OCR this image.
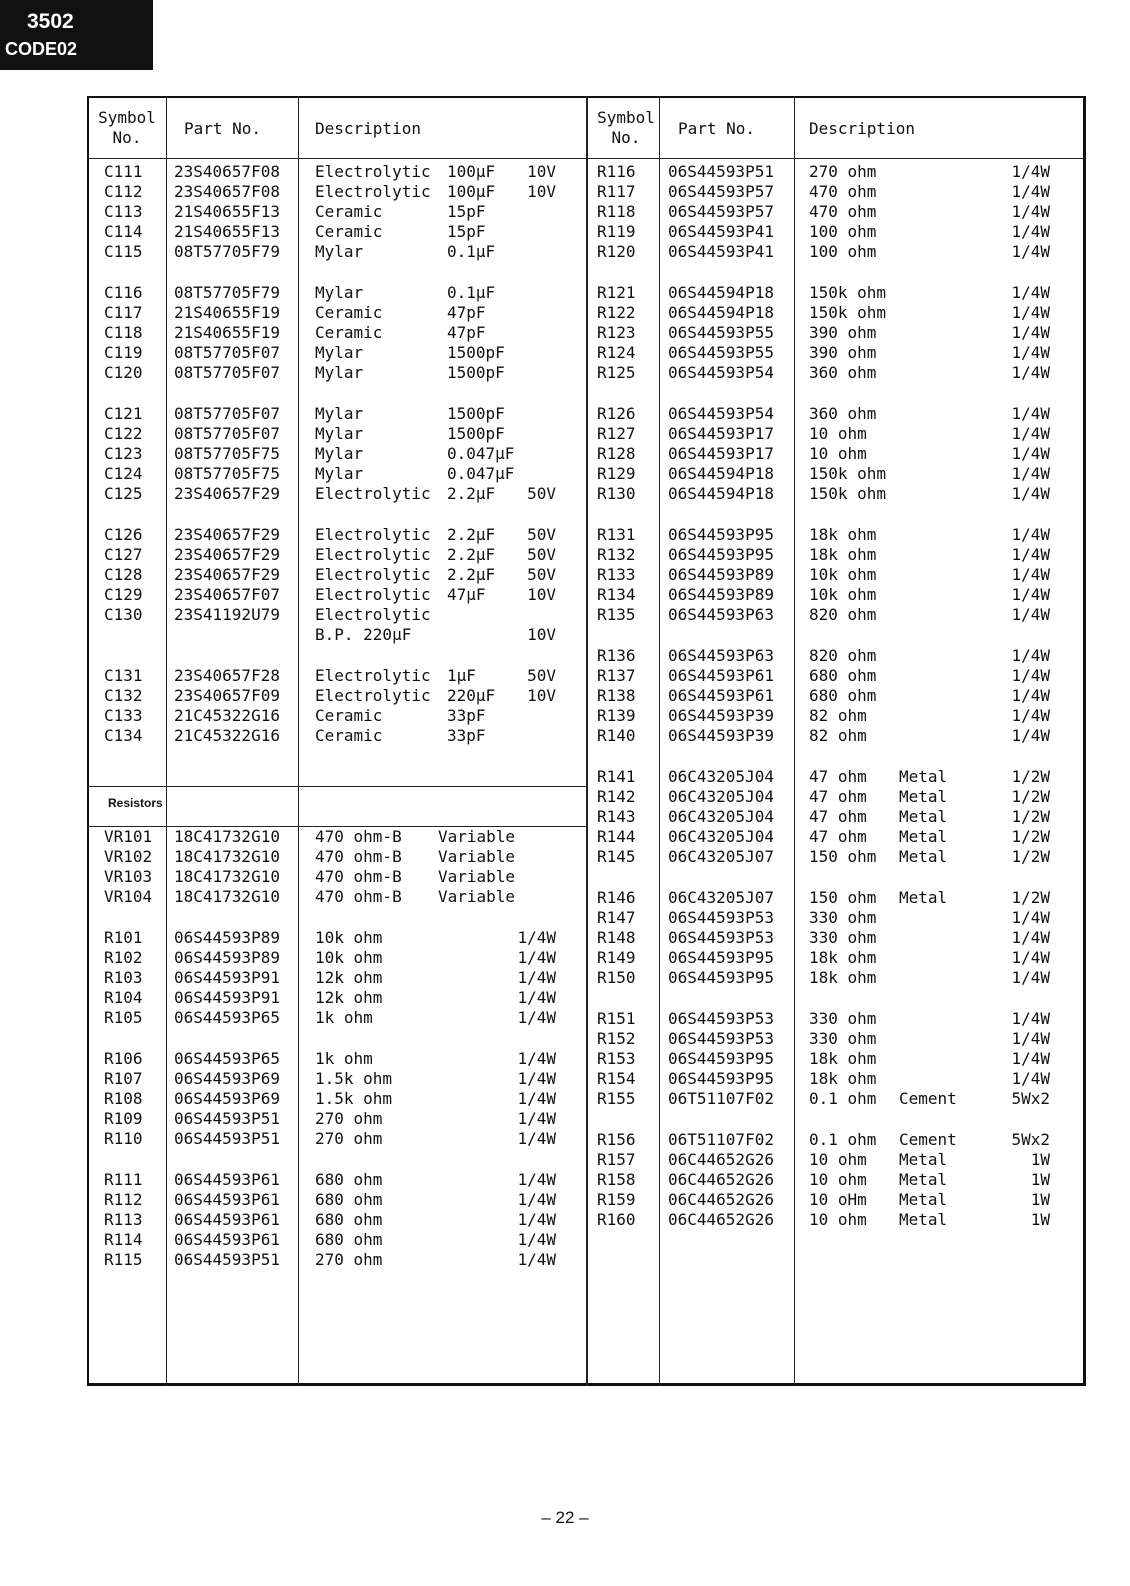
3502
CODE02
Symbol
No.	Part No.	Description
Symbol
No.	Part No.	Description
Resistors
C111 23S40657F08 Electrolytic 100µF	10V
C112 23S40657F08 Electrolytic 100µF	10V
C113 21S40655F13 Ceramic	15pF
C114 21S40655F13 Ceramic	15pF
C115 08T57705F79 Mylar	0.1µF
C116 08T57705F79 Mylar	0.1µF
C117 21S40655F19 Ceramic	47pF
C118 21S40655F19 Ceramic	47pF
C119 08T57705F07 Mylar	1500pF
C120 08T57705F07 Mylar	1500pF
C121 08T57705F07 Mylar	1500pF
C122 08T57705F07 Mylar	1500pF
C123 08T57705F75 Mylar	0.047µF
C124 08T57705F75 Mylar	0.047µF
C125 23S40657F29 Electrolytic 2.2µF	50V
C126 23S40657F29 Electrolytic 2.2µF	50V
C127 23S40657F29 Electrolytic 2.2µF	50V
C128 23S40657F29 Electrolytic 2.2µF	50V
C129 23S40657F07 Electrolytic 47µF	10V
C130 23S41192U79 Electrolytic
B.P. 220µF	10V
C131 23S40657F28 Electrolytic 1µF	50V
C132 23S40657F09 Electrolytic 220µF	10V
C133 21C45322G16 Ceramic	33pF
C134 21C45322G16 Ceramic	33pF
VR101 18C41732G10 470 ohm-B Variable
VR102 18C41732G10 470 ohm-B Variable
VR103 18C41732G10 470 ohm-B Variable
VR104 18C41732G10 470 ohm-B Variable
R101 06S44593P89 10k ohm	1/4W
R102 06S44593P89 10k ohm	1/4W
R103 06S44593P91 12k ohm	1/4W
R104 06S44593P91 12k ohm	1/4W
R105 06S44593P65 1k ohm	1/4W
R106 06S44593P65 1k ohm	1/4W
R107 06S44593P69 1.5k ohm	1/4W
R108 06S44593P69 1.5k ohm	1/4W
R109 06S44593P51 270 ohm	1/4W
R110 06S44593P51 270 ohm	1/4W
R111 06S44593P61 680 ohm	1/4W
R112 06S44593P61 680 ohm	1/4W
R113 06S44593P61 680 ohm	1/4W
R114 06S44593P61 680 ohm	1/4W
R115 06S44593P51 270 ohm	1/4W
R116 06S44593P51 270 ohm	1/4W
R117 06S44593P57 470 ohm	1/4W
R118 06S44593P57 470 ohm	1/4W
R119 06S44593P41 100 ohm	1/4W
R120 06S44593P41 100 ohm	1/4W
R121 06S44594P18 150k ohm	1/4W
R122 06S44594P18 150k ohm	1/4W
R123 06S44593P55 390 ohm	1/4W
R124 06S44593P55 390 ohm	1/4W
R125 06S44593P54 360 ohm	1/4W
R126 06S44593P54 360 ohm	1/4W
R127 06S44593P17 10 ohm	1/4W
R128 06S44593P17 10 ohm	1/4W
R129 06S44594P18 150k ohm	1/4W
R130 06S44594P18 150k ohm	1/4W
R131 06S44593P95 18k ohm	1/4W
R132 06S44593P95 18k ohm	1/4W
R133 06S44593P89 10k ohm	1/4W
R134 06S44593P89 10k ohm	1/4W
R135 06S44593P63 820 ohm	1/4W
R136 06S44593P63 820 ohm	1/4W
R137 06S44593P61 680 ohm	1/4W
R138 06S44593P61 680 ohm	1/4W
R139 06S44593P39 82 ohm	1/4W
R140 06S44593P39 82 ohm	1/4W
R141 06C43205J04 47 ohm Metal	1/2W
R142 06C43205J04 47 ohm Metal	1/2W
R143 06C43205J04 47 ohm Metal	1/2W
R144 06C43205J04 47 ohm Metal	1/2W
R145 06C43205J07 150 ohm Metal	1/2W
R146 06C43205J07 150 ohm Metal	1/2W
R147 06S44593P53 330 ohm	1/4W
R148 06S44593P53 330 ohm	1/4W
R149 06S44593P95 18k ohm	1/4W
R150 06S44593P95 18k ohm	1/4W
R151 06S44593P53 330 ohm	1/4W
R152 06S44593P53 330 ohm	1/4W
R153 06S44593P95 18k ohm	1/4W
R154 06S44593P95 18k ohm	1/4W
R155 06T51107F02 0.1 ohm Cement	5Wx2
R156 06T51107F02 0.1 ohm Cement	5Wx2
R157 06C44652G26 10 ohm Metal	1W
R158 06C44652G26 10 ohm Metal	1W
R159 06C44652G26 10 oHm Metal	1W
R160 06C44652G26 10 ohm Metal	1W
– 22 –
